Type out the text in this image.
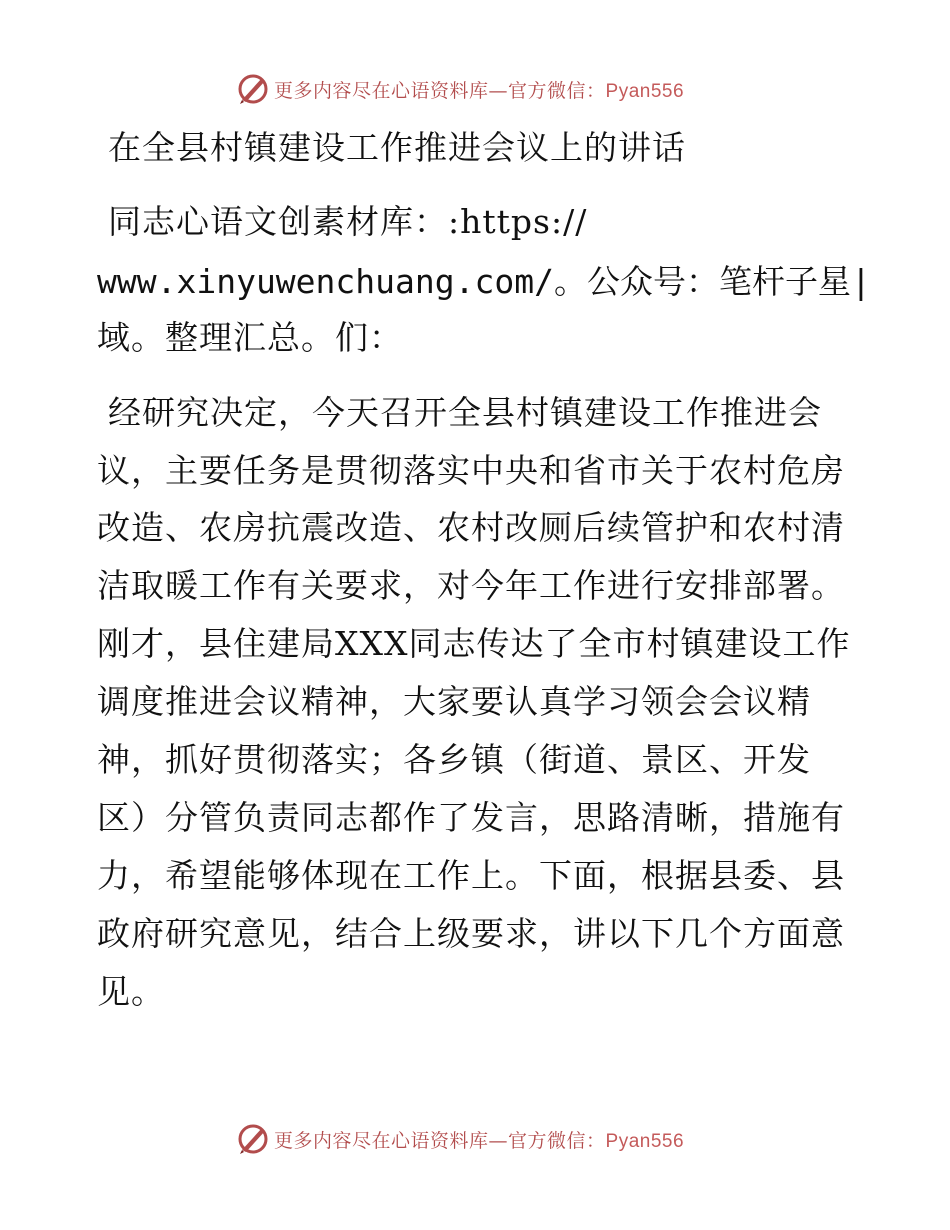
更多内容尽在心语资料库—官方微信：Pyan556
在全县村镇建设工作推进会议上的讲话
同志心语文创素材库：:https://
www.xinyuwenchuang.com/。公众号：笔杆子星|
域。整理汇总。们：
经研究决定，今天召开全县村镇建设工作推进会
议，主要任务是贯彻落实中央和省市关于农村危房
改造、农房抗震改造、农村改厕后续管护和农村清
洁取暖工作有关要求，对今年工作进行安排部署。
刚才，县住建局XXX同志传达了全市村镇建设工作
调度推进会议精神，大家要认真学习领会会议精
神，抓好贯彻落实；各乡镇（街道、景区、开发
区）分管负责同志都作了发言，思路清晰，措施有
力，希望能够体现在工作上。下面，根据县委、县
政府研究意见，结合上级要求，讲以下几个方面意
见。
更多内容尽在心语资料库—官方微信：Pyan556
